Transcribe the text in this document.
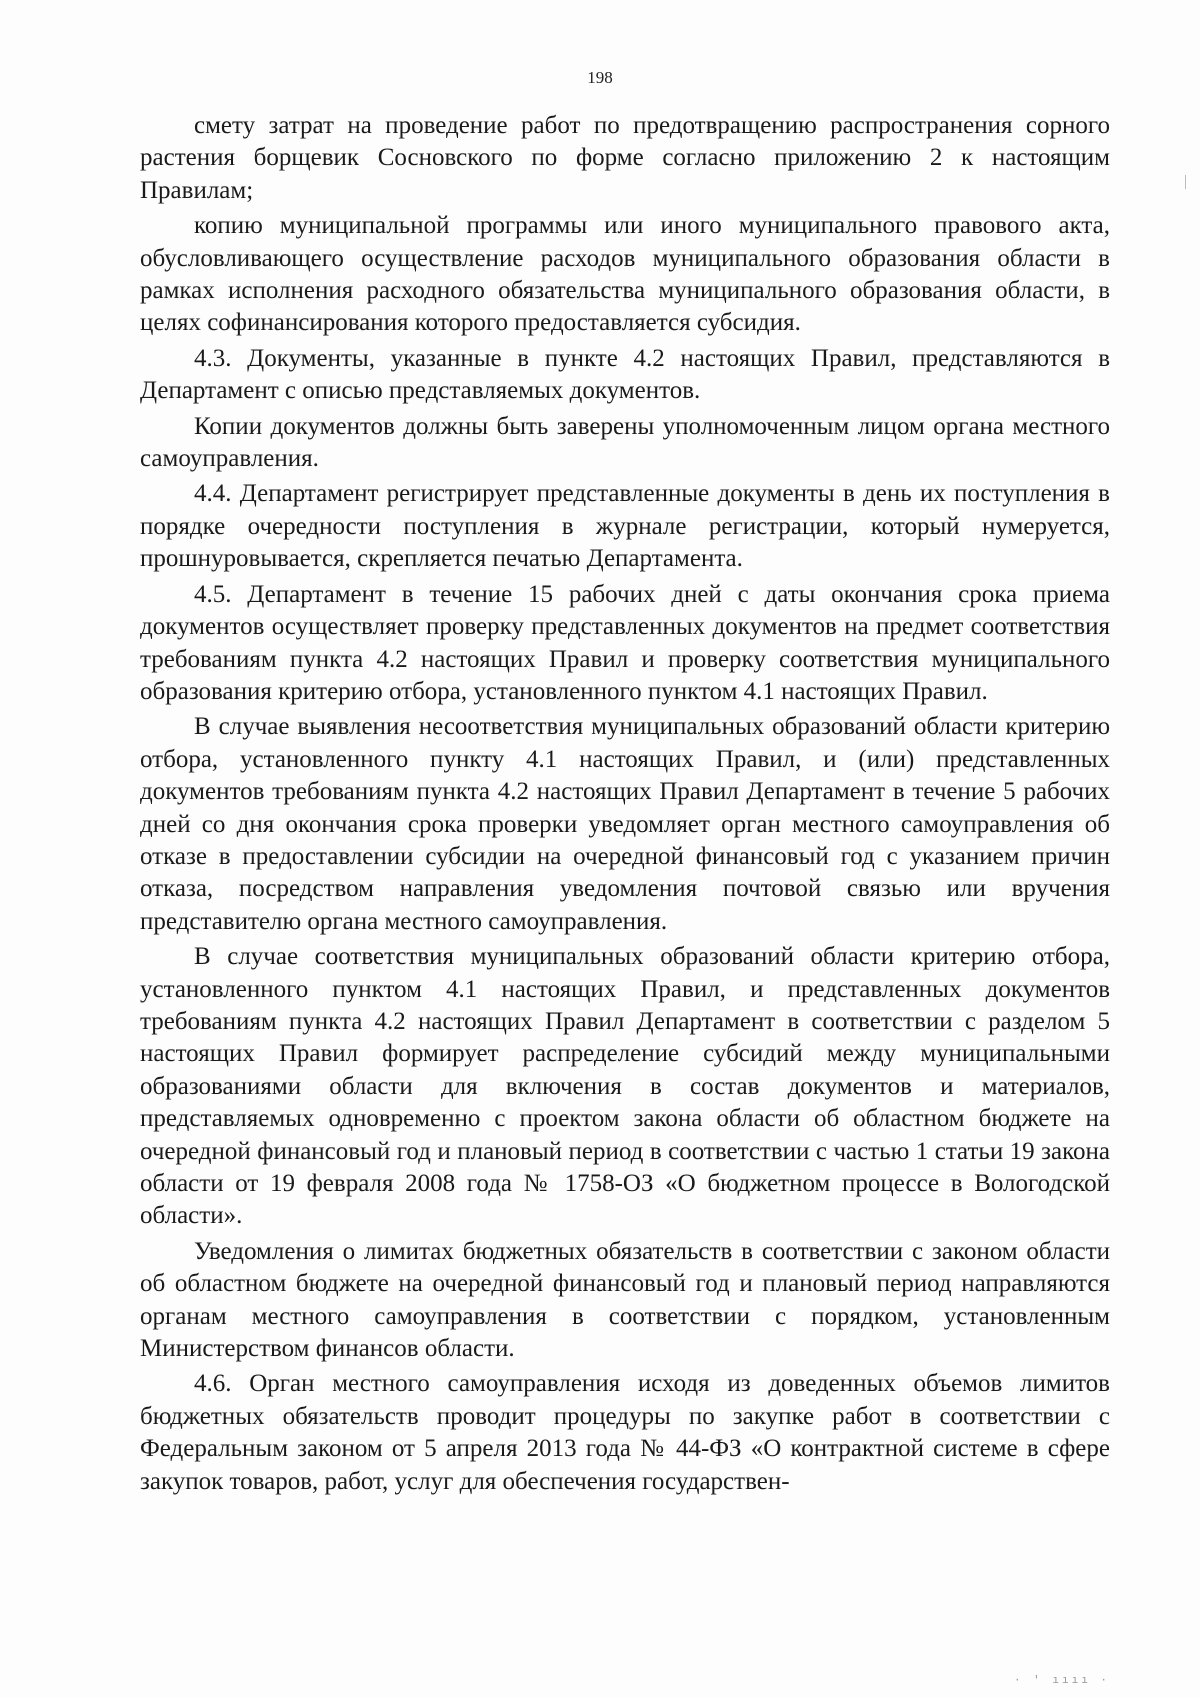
198

смету затрат на проведение работ по предотвращению распространения сорного растения борщевик Сосновского по форме согласно приложению 2 к настоящим Правилам;

копию муниципальной программы или иного муниципального правового акта, обусловливающего осуществление расходов муниципального образования области в рамках исполнения расходного обязательства муниципального образования области, в целях софинансирования которого предоставляется субсидия.

4.3. Документы, указанные в пункте 4.2 настоящих Правил, представляются в Департамент с описью представляемых документов.

Копии документов должны быть заверены уполномоченным лицом органа местного самоуправления.

4.4. Департамент регистрирует представленные документы в день их поступления в порядке очередности поступления в журнале регистрации, который нумеруется, прошнуровывается, скрепляется печатью Департамента.

4.5. Департамент в течение 15 рабочих дней с даты окончания срока приема документов осуществляет проверку представленных документов на предмет соответствия требованиям пункта 4.2 настоящих Правил и проверку соответствия муниципального образования критерию отбора, установленного пунктом 4.1 настоящих Правил.

В случае выявления несоответствия муниципальных образований области критерию отбора, установленного пункту 4.1 настоящих Правил, и (или) представленных документов требованиям пункта 4.2 настоящих Правил Департамент в течение 5 рабочих дней со дня окончания срока проверки уведомляет орган местного самоуправления об отказе в предоставлении субсидии на очередной финансовый год с указанием причин отказа, посредством направления уведомления почтовой связью или вручения представителю органа местного самоуправления.

В случае соответствия муниципальных образований области критерию отбора, установленного пунктом 4.1 настоящих Правил, и представленных документов требованиям пункта 4.2 настоящих Правил Департамент в соответствии с разделом 5 настоящих Правил формирует распределение субсидий между муниципальными образованиями области для включения в состав документов и материалов, представляемых одновременно с проектом закона области об областном бюджете на очередной финансовый год и плановый период в соответствии с частью 1 статьи 19 закона области от 19 февраля 2008 года № 1758-ОЗ «О бюджетном процессе в Вологодской области».

Уведомления о лимитах бюджетных обязательств в соответствии с законом области об областном бюджете на очередной финансовый год и плановый период направляются органам местного самоуправления в соответствии с порядком, установленным Министерством финансов области.

4.6. Орган местного самоуправления исходя из доведенных объемов лимитов бюджетных обязательств проводит процедуры по закупке работ в соответствии с Федеральным законом от 5 апреля 2013 года № 44-ФЗ «О контрактной системе в сфере закупок товаров, работ, услуг для обеспечения государствен-

· ' ıııı ·
